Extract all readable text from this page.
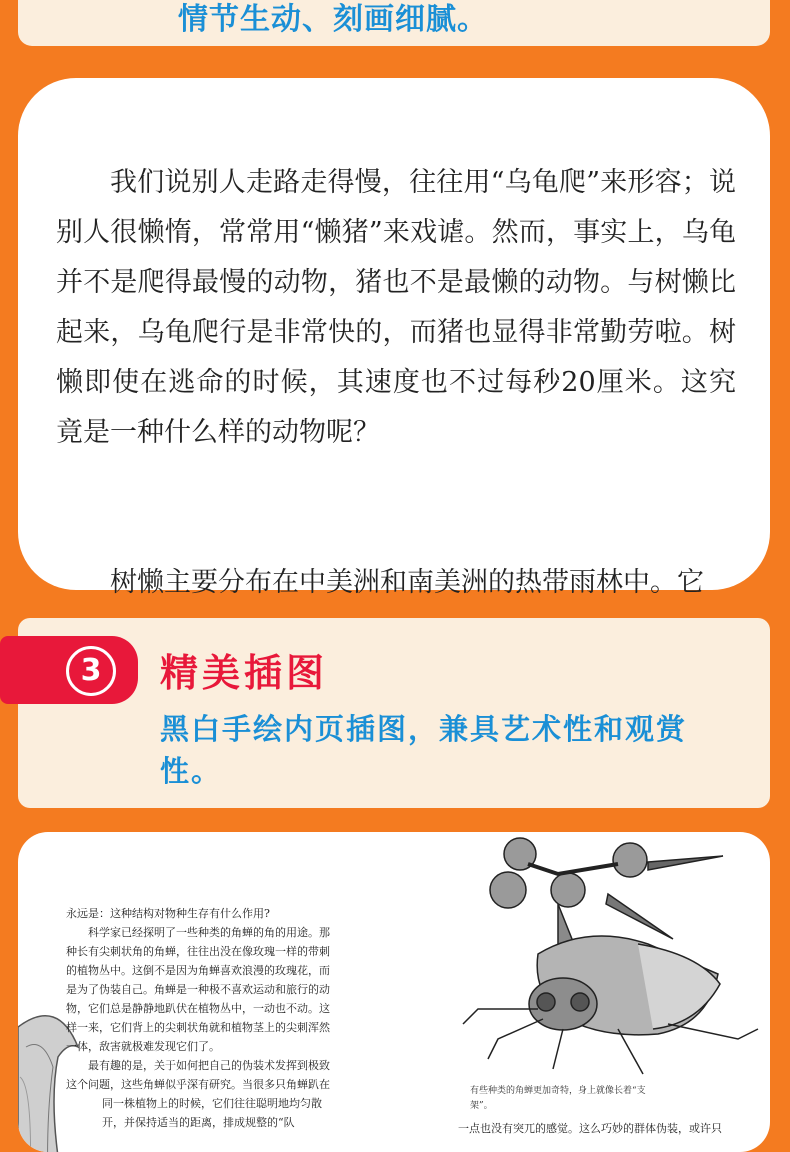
情节生动、刻画细腻。

我们说别人走路走得慢，往往用“乌龟爬”来形容；说别人很懒惰，常常用“懒猪”来戏谑。然而，事实上，乌龟并不是爬得最慢的动物，猪也不是最懒的动物。与树懒比起来，乌龟爬行是非常快的，而猪也显得非常勤劳啦。树懒即使在逃命的时候，其速度也不过每秒20厘米。这究竟是一种什么样的动物呢？

树懒主要分布在中美洲和南美洲的热带雨林中。它

3	精美插图
黑白手绘内页插图，兼具艺术性和观赏性。
永远是：这种结构对物种生存有什么作用?
科学家已经探明了一些种类的角蝉的角的用途。那
种长有尖刺状角的角蝉，往往出没在像玫瑰一样的带刺
的植物丛中。这倒不是因为角蝉喜欢浪漫的玫瑰花，而
是为了伪装自己。角蝉是一种极不喜欢运动和旅行的动
物，它们总是静静地趴伏在植物丛中，一动也不动。这
样一来，它们背上的尖刺状角就和植物茎上的尖刺浑然
一体，敌害就极难发现它们了。
最有趣的是，关于如何把自己的伪装术发挥到极致
这个问题，这些角蝉似乎深有研究。当很多只角蝉趴在
同一株植物上的时候，它们往往聪明地均匀散
开，并保持适当的距离，排成规整的“队
有些种类的角蝉更加奇特，身上就像长着“支架”。
一点也没有突兀的感觉。这么巧妙的群体伪装，或许只
